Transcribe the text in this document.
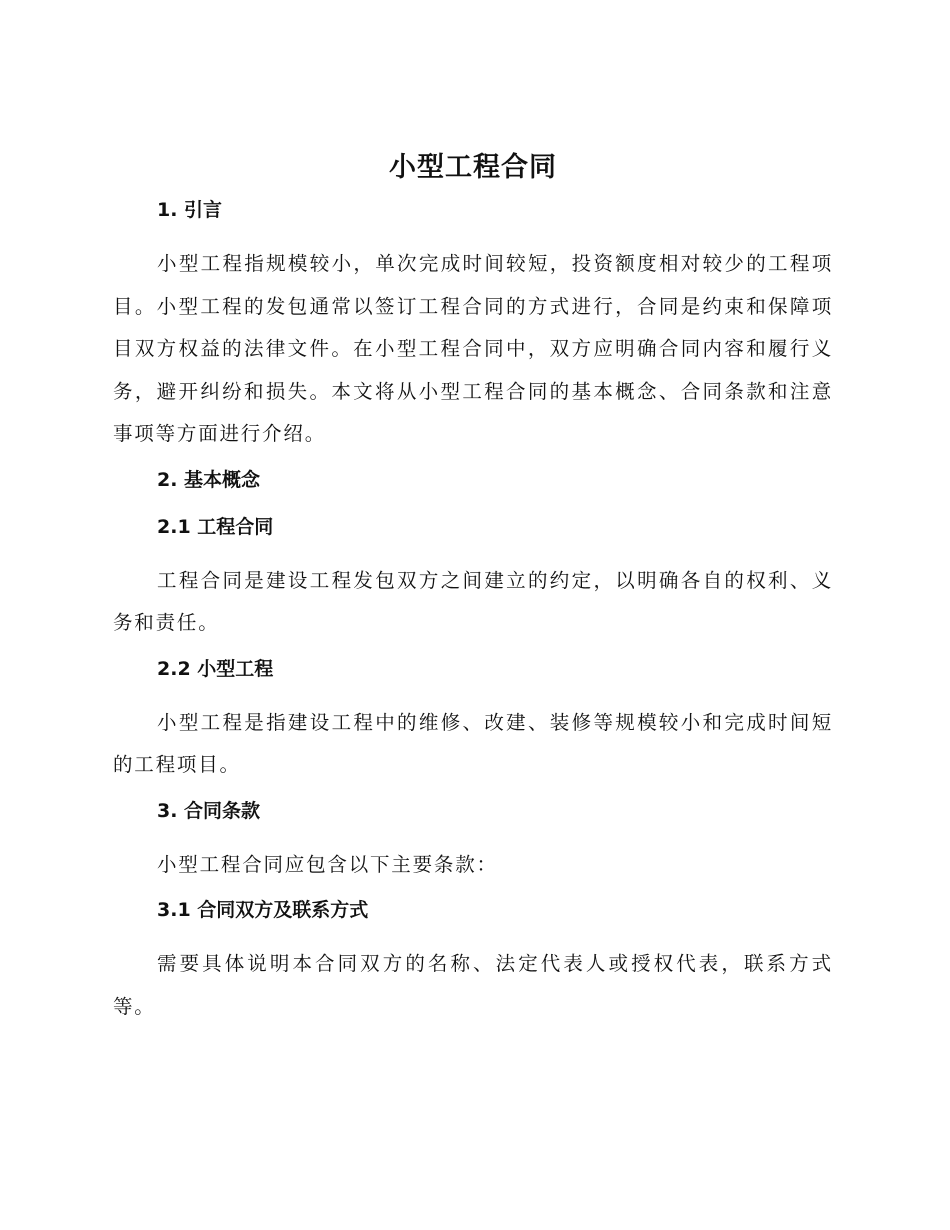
小型工程合同
1. 引言

小型工程指规模较小，单次完成时间较短，投资额度相对较少的工程项目。小型工程的发包通常以签订工程合同的方式进行，合同是约束和保障项目双方权益的法律文件。在小型工程合同中，双方应明确合同内容和履行义务，避开纠纷和损失。本文将从小型工程合同的基本概念、合同条款和注意事项等方面进行介绍。

2. 基本概念
2.1 工程合同

工程合同是建设工程发包双方之间建立的约定，以明确各自的权利、义务和责任。

2.2 小型工程

小型工程是指建设工程中的维修、改建、装修等规模较小和完成时间短的工程项目。

3. 合同条款

小型工程合同应包含以下主要条款：

3.1 合同双方及联系方式

需要具体说明本合同双方的名称、法定代表人或授权代表，联系方式等。
